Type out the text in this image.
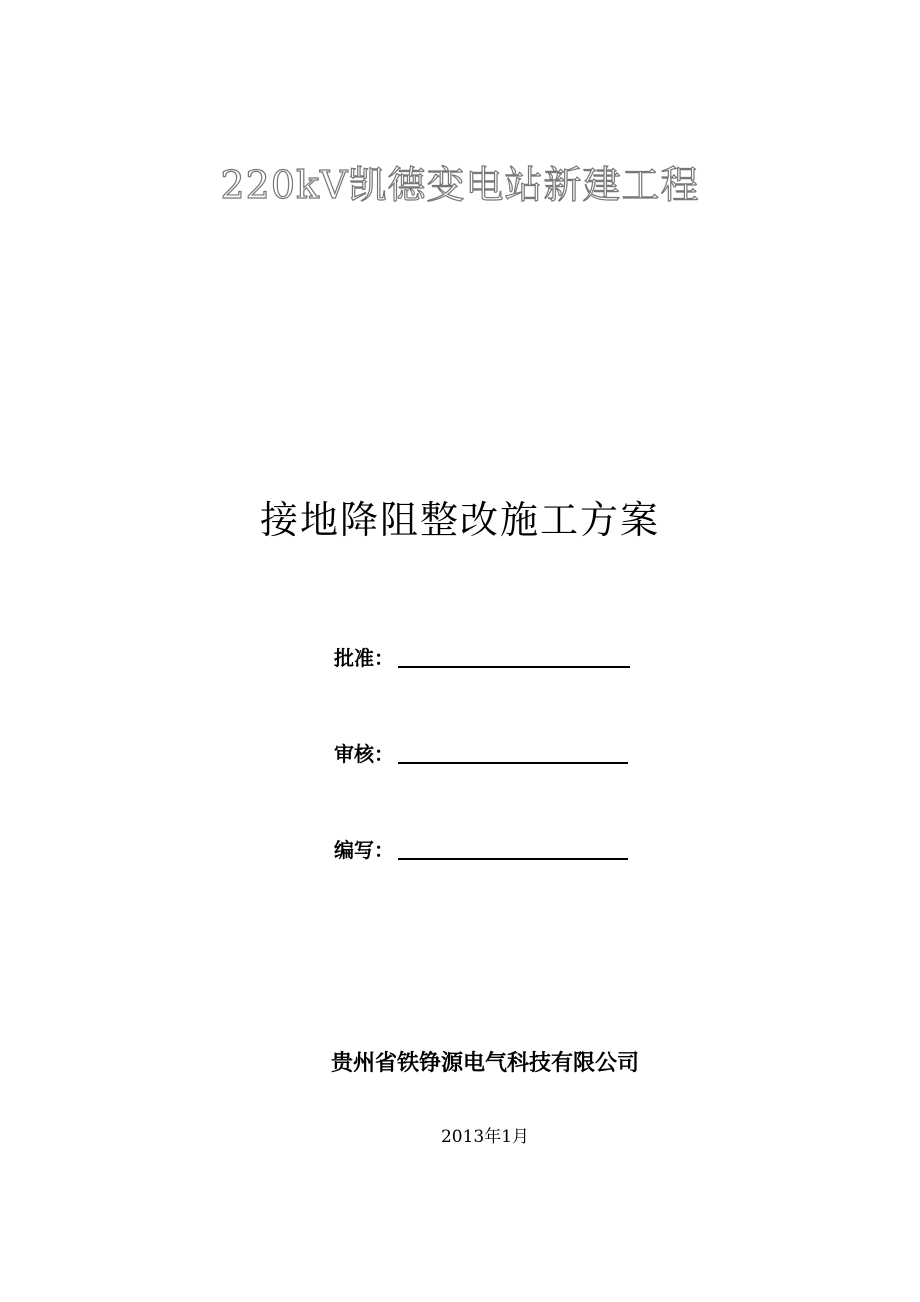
220kV凯德变电站新建工程
接地降阻整改施工方案
批准：
审核：
编写：
贵州省铁铮源电气科技有限公司
2013年1月
